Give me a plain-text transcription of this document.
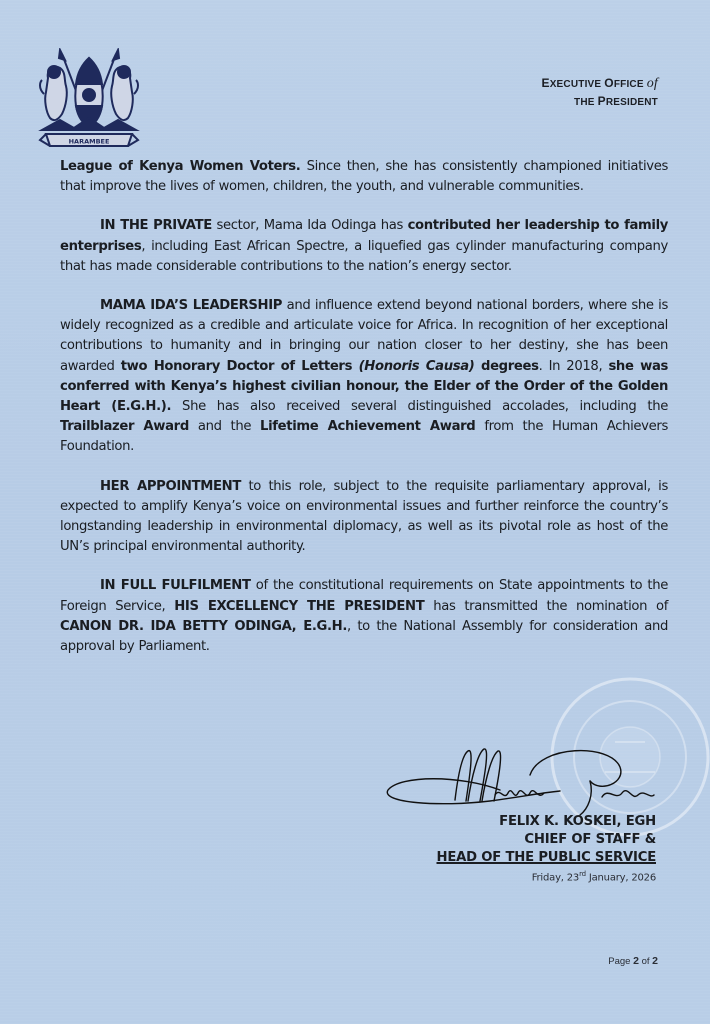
HARAMBEE
EXECUTIVE OFFICE of
THE PRESIDENT

League of Kenya Women Voters. Since then, she has consistently championed initiatives that improve the lives of women, children, the youth, and vulnerable communities.

IN THE PRIVATE sector, Mama Ida Odinga has contributed her leadership to family enterprises, including East African Spectre, a liquefied gas cylinder manufacturing company that has made considerable contributions to the nation’s energy sector.

MAMA IDA’S LEADERSHIP and influence extend beyond national borders, where she is widely recognized as a credible and articulate voice for Africa. In recognition of her exceptional contributions to humanity and in bringing our nation closer to her destiny, she has been awarded two Honorary Doctor of Letters (Honoris Causa) degrees. In 2018, she was conferred with Kenya’s highest civilian honour, the Elder of the Order of the Golden Heart (E.G.H.). She has also received several distinguished accolades, including the Trailblazer Award and the Lifetime Achievement Award from the Human Achievers Foundation.

HER APPOINTMENT to this role, subject to the requisite parliamentary approval, is expected to amplify Kenya’s voice on environmental issues and further reinforce the country’s longstanding leadership in environmental diplomacy, as well as its pivotal role as host of the UN’s principal environmental authority.

IN FULL FULFILMENT of the constitutional requirements on State appointments to the Foreign Service, HIS EXCELLENCY THE PRESIDENT has transmitted the nomination of CANON DR. IDA BETTY ODINGA, E.G.H., to the National Assembly for consideration and approval by Parliament.

FELIX K. KOSKEI, EGH
CHIEF OF STAFF &
HEAD OF THE PUBLIC SERVICE
Friday, 23rd January, 2026
Page 2 of 2
